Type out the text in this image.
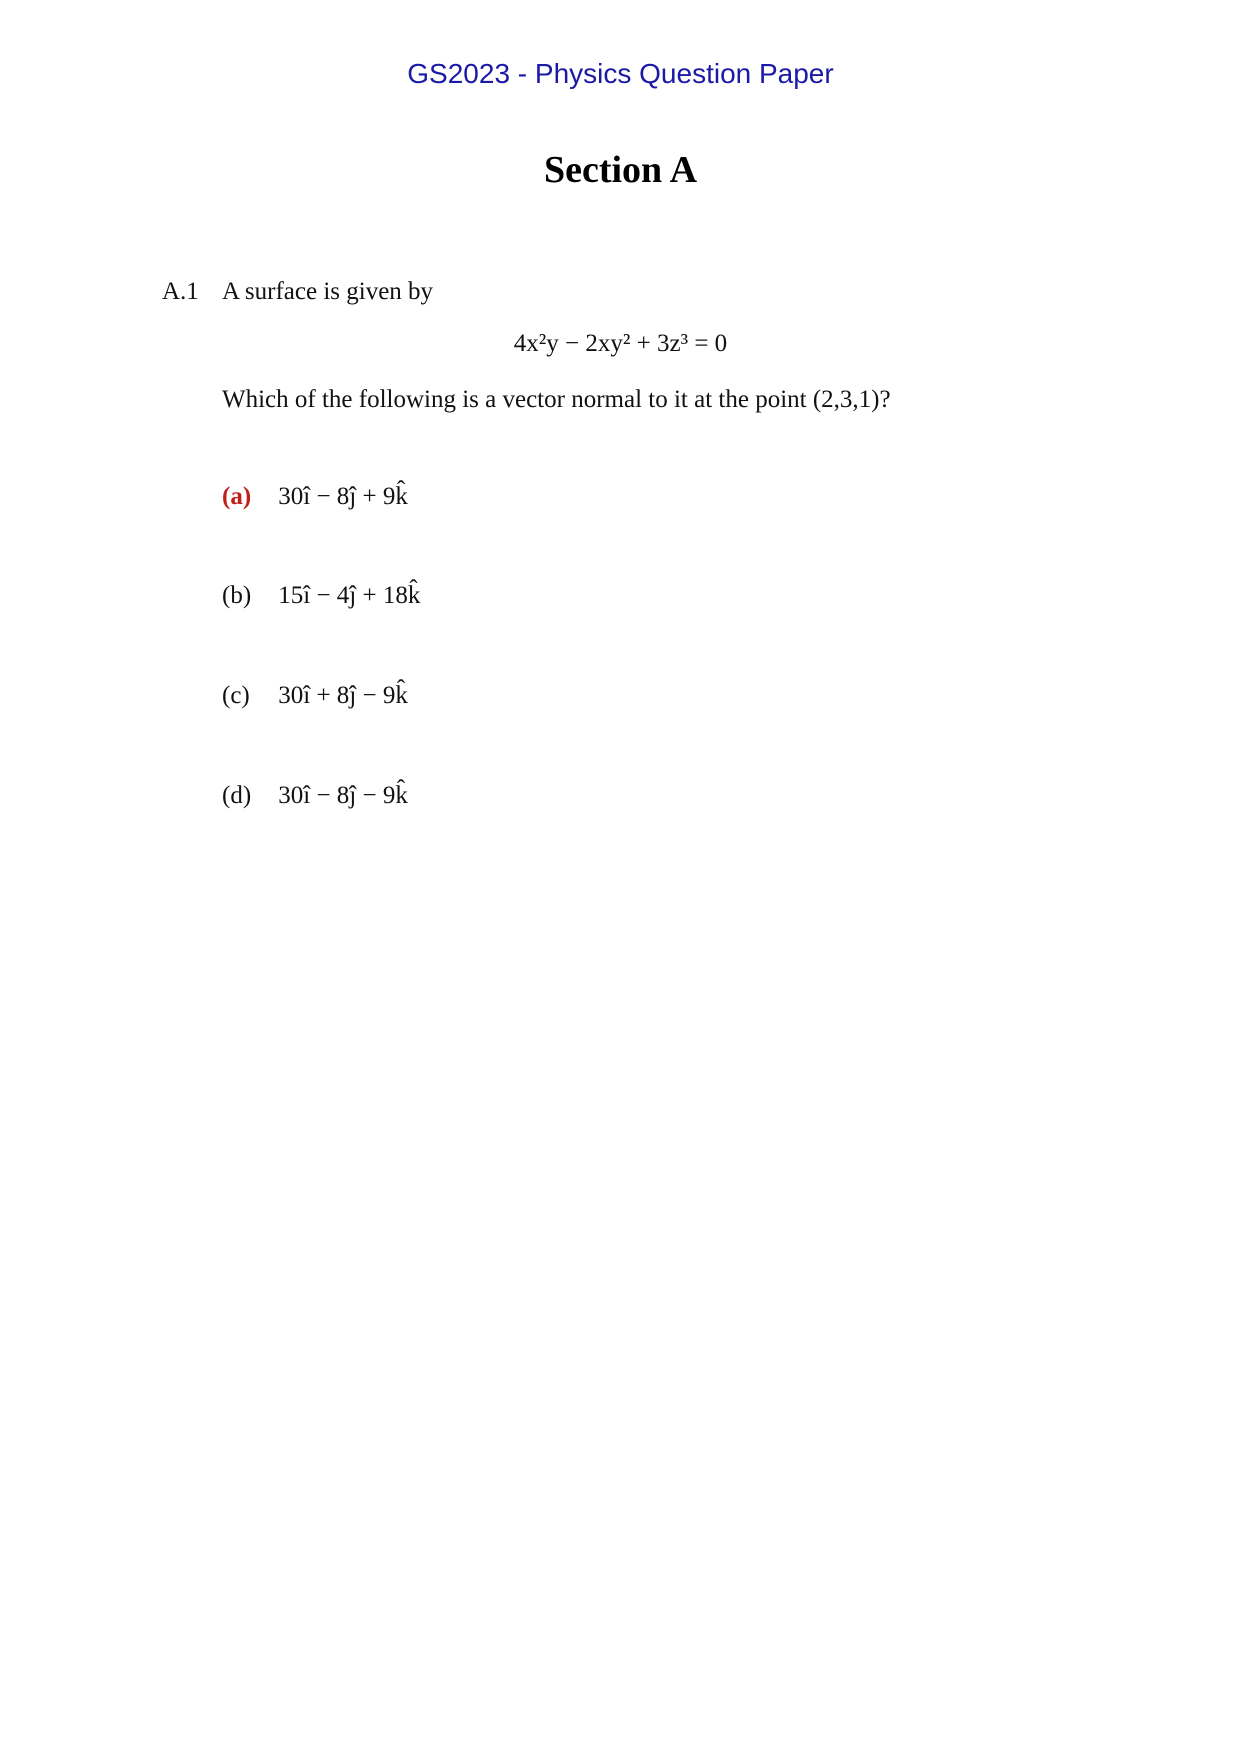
GS2023 - Physics Question Paper
Section A
A.1 A surface is given by
4x²y − 2xy² + 3z³ = 0
Which of the following is a vector normal to it at the point (2,3,1)?
(a) 30î − 8ĵ + 9k̂
(b) 15î − 4ĵ + 18k̂
(c) 30î + 8ĵ − 9k̂
(d) 30î − 8ĵ − 9k̂
